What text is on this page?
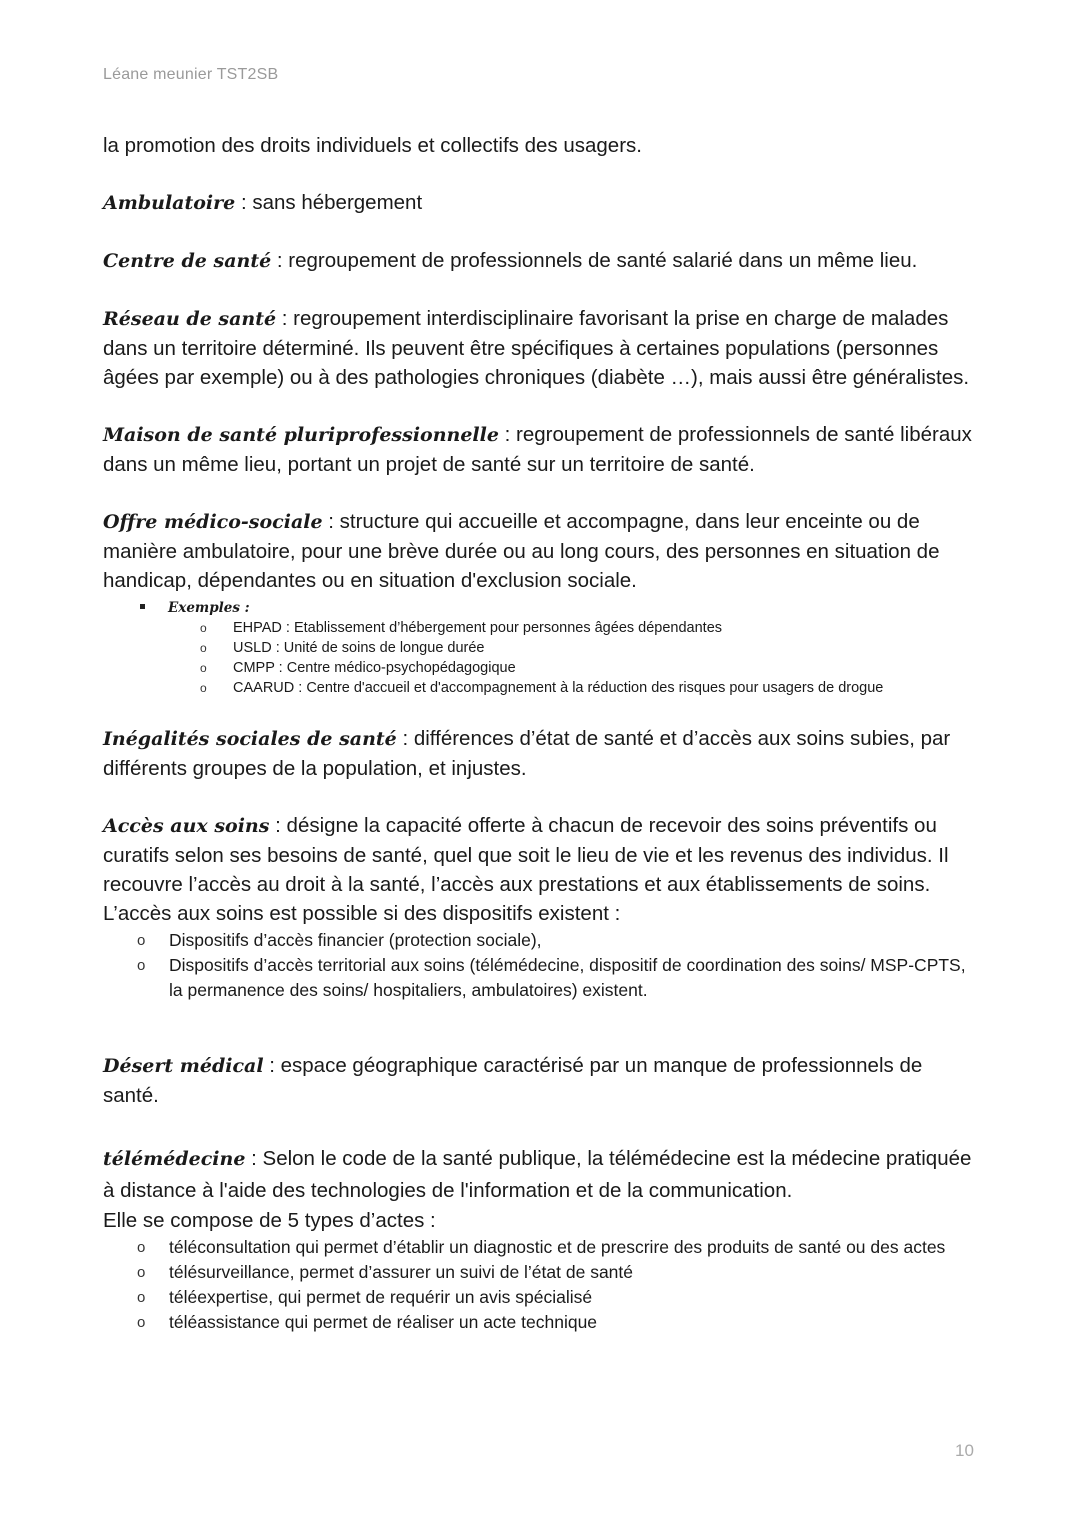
Léane meunier TST2SB

la promotion des droits individuels et collectifs des usagers.

Ambulatoire : sans hébergement

Centre de santé : regroupement de professionnels de santé salarié dans un même lieu.

Réseau de santé : regroupement interdisciplinaire favorisant la prise en charge de malades dans un territoire déterminé. Ils peuvent être spécifiques à certaines populations (personnes âgées par exemple) ou à des pathologies chroniques (diabète …), mais aussi être généralistes.

Maison de santé pluriprofessionnelle : regroupement de professionnels de santé libéraux dans un même lieu, portant un projet de santé sur un territoire de santé.

Offre médico-sociale : structure qui accueille et accompagne, dans leur enceinte ou de manière ambulatoire, pour une brève durée ou au long cours, des personnes en situation de handicap, dépendantes ou en situation d'exclusion sociale.

Exemples :
o EHPAD : Etablissement d’hébergement pour personnes âgées dépendantes
o USLD : Unité de soins de longue durée
o CMPP : Centre médico-psychopédagogique
o CAARUD : Centre d'accueil et d'accompagnement à la réduction des risques pour usagers de drogue

Inégalités sociales de santé : différences d’état de santé et d’accès aux soins subies, par différents groupes de la population, et injustes.

Accès aux soins : désigne la capacité offerte à chacun de recevoir des soins préventifs ou curatifs selon ses besoins de santé, quel que soit le lieu de vie et les revenus des individus. Il recouvre l’accès au droit à la santé, l’accès aux prestations et aux établissements de soins.

L’accès aux soins est possible si des dispositifs existent :

o Dispositifs d’accès financier (protection sociale),
o Dispositifs d’accès territorial aux soins (télémédecine, dispositif de coordination des soins/ MSP-CPTS, la permanence des soins/ hospitaliers, ambulatoires) existent.

Désert médical : espace géographique caractérisé par un manque de professionnels de santé.

télémédecine : Selon le code de la santé publique, la télémédecine est la médecine pratiquée à distance à l'aide des technologies de l'information et de la communication.

Elle se compose de 5 types d’actes :

o téléconsultation qui permet d’établir un diagnostic et de prescrire des produits de santé ou des actes
o télésurveillance, permet d’assurer un suivi de l’état de santé
o téléexpertise, qui permet de requérir un avis spécialisé
o téléassistance qui permet de réaliser un acte technique
10
